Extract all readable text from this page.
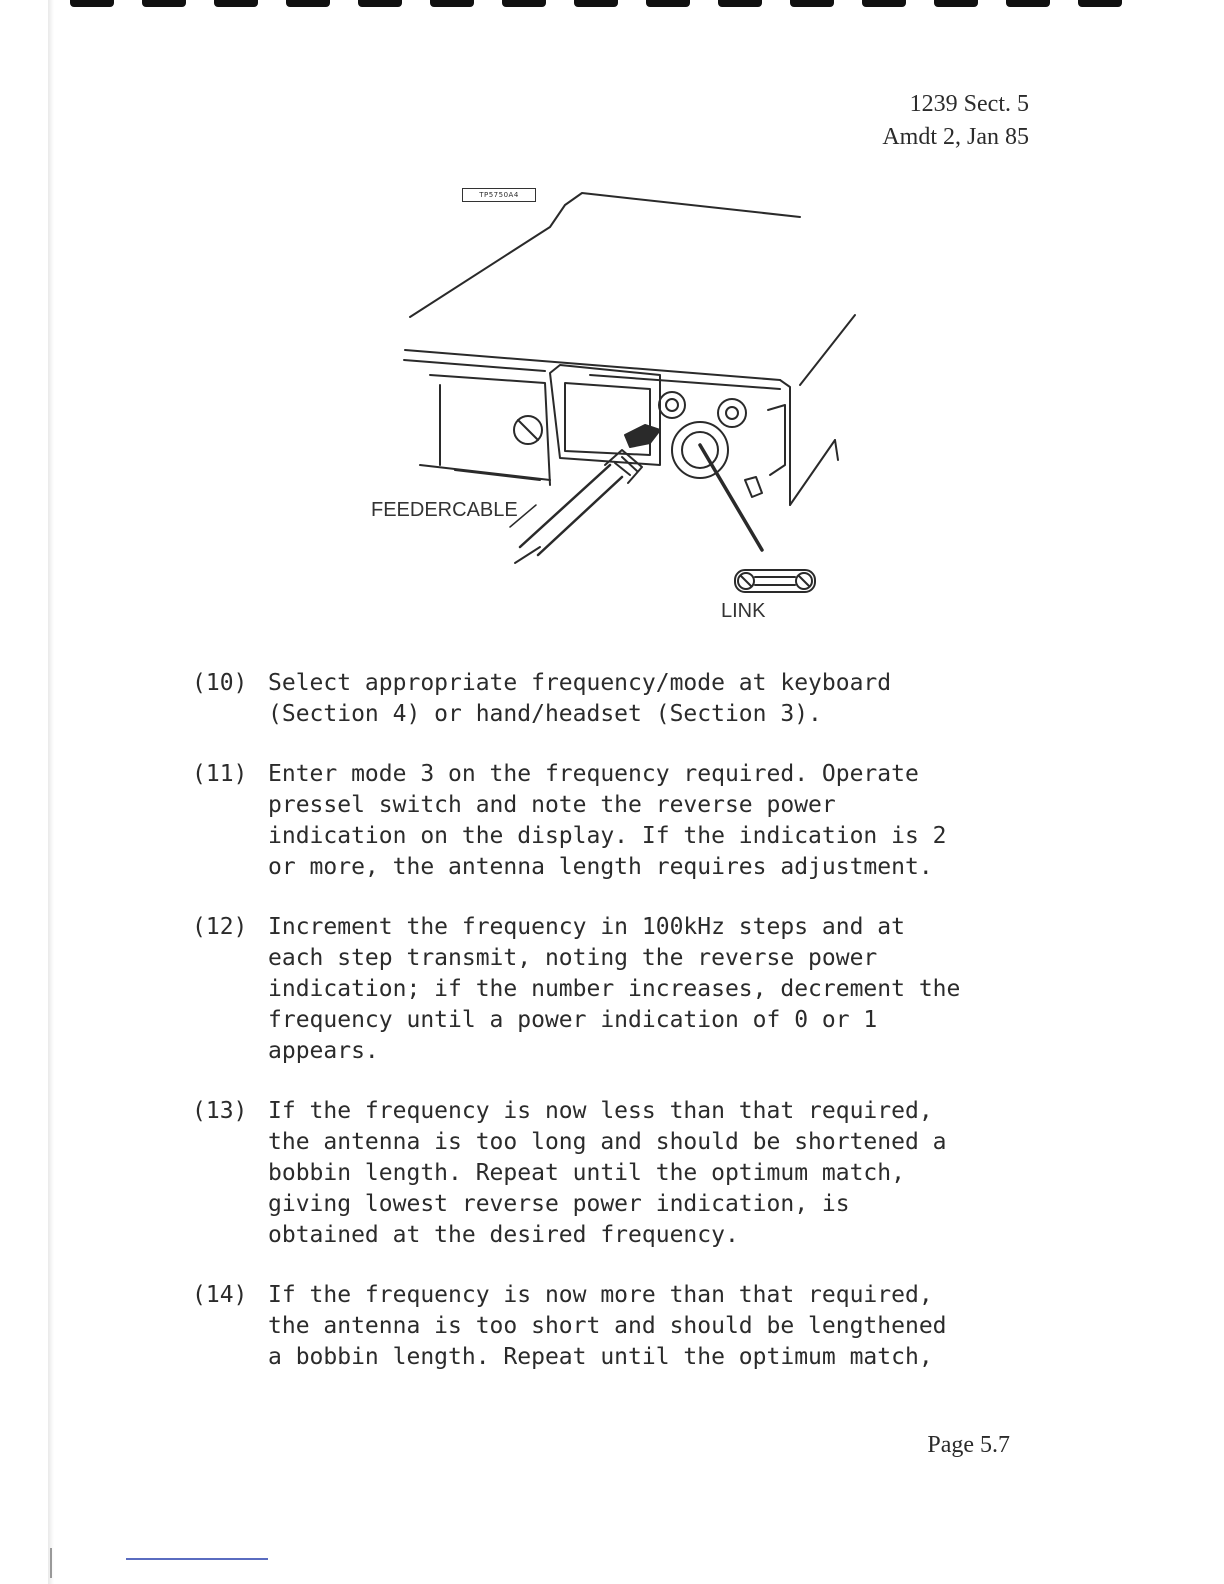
1239 Sect. 5
Amdt 2, Jan 85
TP5750A4
FEEDERCABLE
LINK
(10) Select appropriate frequency/mode at keyboard
(Section 4) or hand/headset (Section 3).
(11) Enter mode 3 on the frequency required. Operate
pressel switch and note the reverse power
indication on the display. If the indication is 2
or more, the antenna length requires adjustment.
(12) Increment the frequency in 100kHz steps and at
each step transmit, noting the reverse power
indication; if the number increases, decrement the
frequency until a power indication of 0 or 1
appears.
(13) If the frequency is now less than that required,
the antenna is too long and should be shortened a
bobbin length. Repeat until the optimum match,
giving lowest reverse power indication, is
obtained at the desired frequency.
(14) If the frequency is now more than that required,
the antenna is too short and should be lengthened
a bobbin length. Repeat until the optimum match,
Page 5.7
